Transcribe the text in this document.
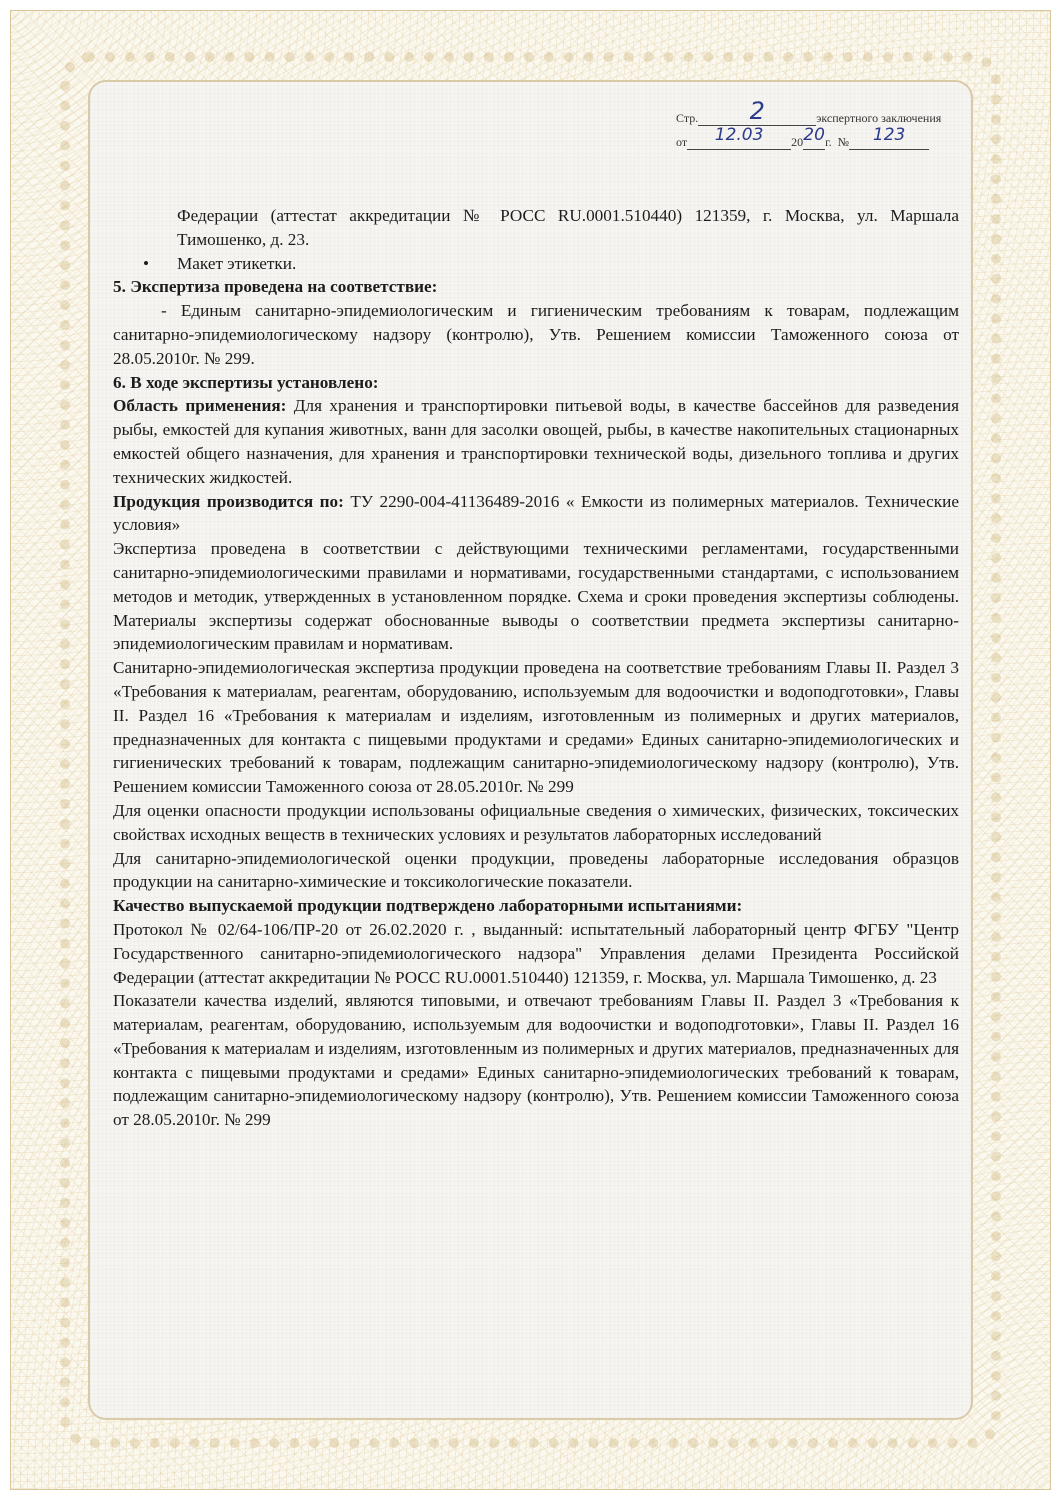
Стр.	2	экспертного заключения
от	12.03	20 20 г. №	123

Федерации (аттестат аккредитации № РОСС RU.0001.510440) 121359, г. Москва, ул. Маршала Тимошенко, д. 23.

•	Макет этикетки.

5. Экспертиза проведена на соответствие:

- Единым санитарно-эпидемиологическим и гигиеническим требованиям к товарам, подлежащим санитарно-эпидемиологическому надзору (контролю), Утв. Решением комиссии Таможенного союза от 28.05.2010г. № 299.

6. В ходе экспертизы установлено:

Область применения: Для хранения и транспортировки питьевой воды, в качестве бассейнов для разведения рыбы, емкостей для купания животных, ванн для засолки овощей, рыбы, в качестве накопительных стационарных емкостей общего назначения, для хранения и транспортировки технической воды, дизельного топлива и других технических жидкостей.

Продукция производится по: ТУ 2290-004-41136489-2016 « Емкости из полимерных материалов. Технические условия»

Экспертиза проведена в соответствии с действующими техническими регламентами, государственными санитарно-эпидемиологическими правилами и нормативами, государственными стандартами, с использованием методов и методик, утвержденных в установленном порядке. Схема и сроки проведения экспертизы соблюдены. Материалы экспертизы содержат обоснованные выводы о соответствии предмета экспертизы санитарно-эпидемиологическим правилам и нормативам.

Санитарно-эпидемиологическая экспертиза продукции проведена на соответствие требованиям Главы II. Раздел 3 «Требования к материалам, реагентам, оборудованию, используемым для водоочистки и водоподготовки», Главы II. Раздел 16 «Требования к материалам и изделиям, изготовленным из полимерных и других материалов, предназначенных для контакта с пищевыми продуктами и средами» Единых санитарно-эпидемиологических и гигиенических требований к товарам, подлежащим санитарно-эпидемиологическому надзору (контролю), Утв. Решением комиссии Таможенного союза от 28.05.2010г. № 299

Для оценки опасности продукции использованы официальные сведения о химических, физических, токсических свойствах исходных веществ в технических условиях и результатов лабораторных исследований

Для санитарно-эпидемиологической оценки продукции, проведены лабораторные исследования образцов продукции на санитарно-химические и токсикологические показатели.

Качество выпускаемой продукции подтверждено лабораторными испытаниями:

Протокол № 02/64-106/ПР-20 от 26.02.2020 г. , выданный: испытательный лабораторный центр ФГБУ "Центр Государственного санитарно-эпидемиологического надзора" Управления делами Президента Российской Федерации (аттестат аккредитации № РОСС RU.0001.510440) 121359, г. Москва, ул. Маршала Тимошенко, д. 23

Показатели качества изделий, являются типовыми, и отвечают требованиям Главы II. Раздел 3 «Требования к материалам, реагентам, оборудованию, используемым для водоочистки и водоподготовки», Главы II. Раздел 16 «Требования к материалам и изделиям, изготовленным из полимерных и других материалов, предназначенных для контакта с пищевыми продуктами и средами» Единых санитарно-эпидемиологических требований к товарам, подлежащим санитарно-эпидемиологическому надзору (контролю), Утв. Решением комиссии Таможенного союза от 28.05.2010г. № 299
